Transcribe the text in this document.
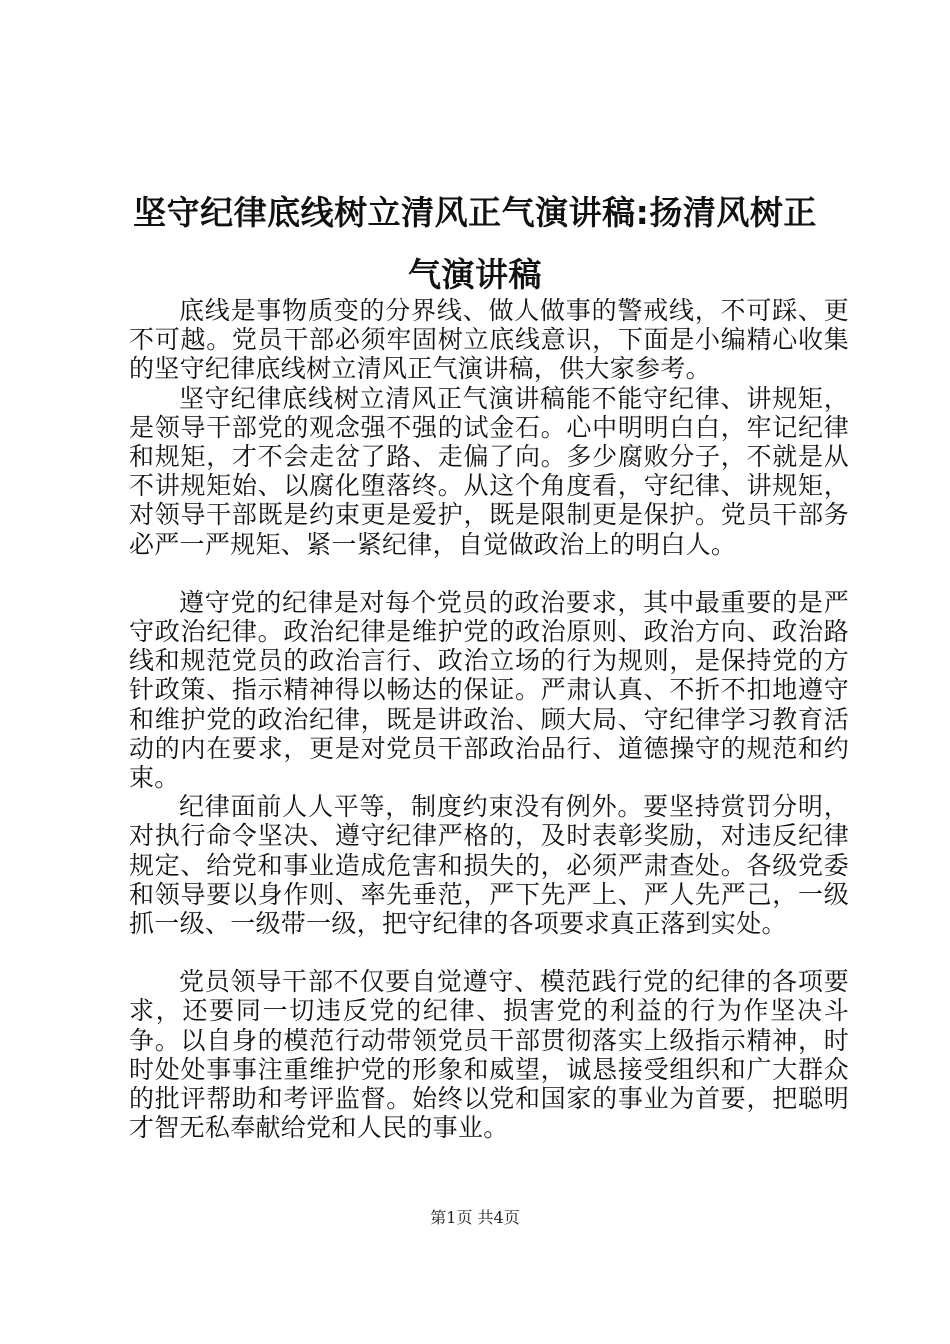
坚守纪律底线树立清风正气演讲稿:扬清风树正气演讲稿

底线是事物质变的分界线、做人做事的警戒线，不可踩、更不可越。党员干部必须牢固树立底线意识，下面是小编精心收集的坚守纪律底线树立清风正气演讲稿，供大家参考。

坚守纪律底线树立清风正气演讲稿能不能守纪律、讲规矩，是领导干部党的观念强不强的试金石。心中明明白白，牢记纪律和规矩，才不会走岔了路、走偏了向。多少腐败分子，不就是从不讲规矩始、以腐化堕落终。从这个角度看，守纪律、讲规矩，对领导干部既是约束更是爱护，既是限制更是保护。党员干部务必严一严规矩、紧一紧纪律，自觉做政治上的明白人。

遵守党的纪律是对每个党员的政治要求，其中最重要的是严守政治纪律。政治纪律是维护党的政治原则、政治方向、政治路线和规范党员的政治言行、政治立场的行为规则，是保持党的方针政策、指示精神得以畅达的保证。严肃认真、不折不扣地遵守和维护党的政治纪律，既是讲政治、顾大局、守纪律学习教育活动的内在要求，更是对党员干部政治品行、道德操守的规范和约束。

纪律面前人人平等，制度约束没有例外。要坚持赏罚分明，对执行命令坚决、遵守纪律严格的，及时表彰奖励，对违反纪律规定、给党和事业造成危害和损失的，必须严肃查处。各级党委和领导要以身作则、率先垂范，严下先严上、严人先严己，一级抓一级、一级带一级，把守纪律的各项要求真正落到实处。

党员领导干部不仅要自觉遵守、模范践行党的纪律的各项要求，还要同一切违反党的纪律、损害党的利益的行为作坚决斗争。以自身的模范行动带领党员干部贯彻落实上级指示精神，时时处处事事注重维护党的形象和威望，诚恳接受组织和广大群众的批评帮助和考评监督。始终以党和国家的事业为首要，把聪明才智无私奉献给党和人民的事业。

第1页 共4页
